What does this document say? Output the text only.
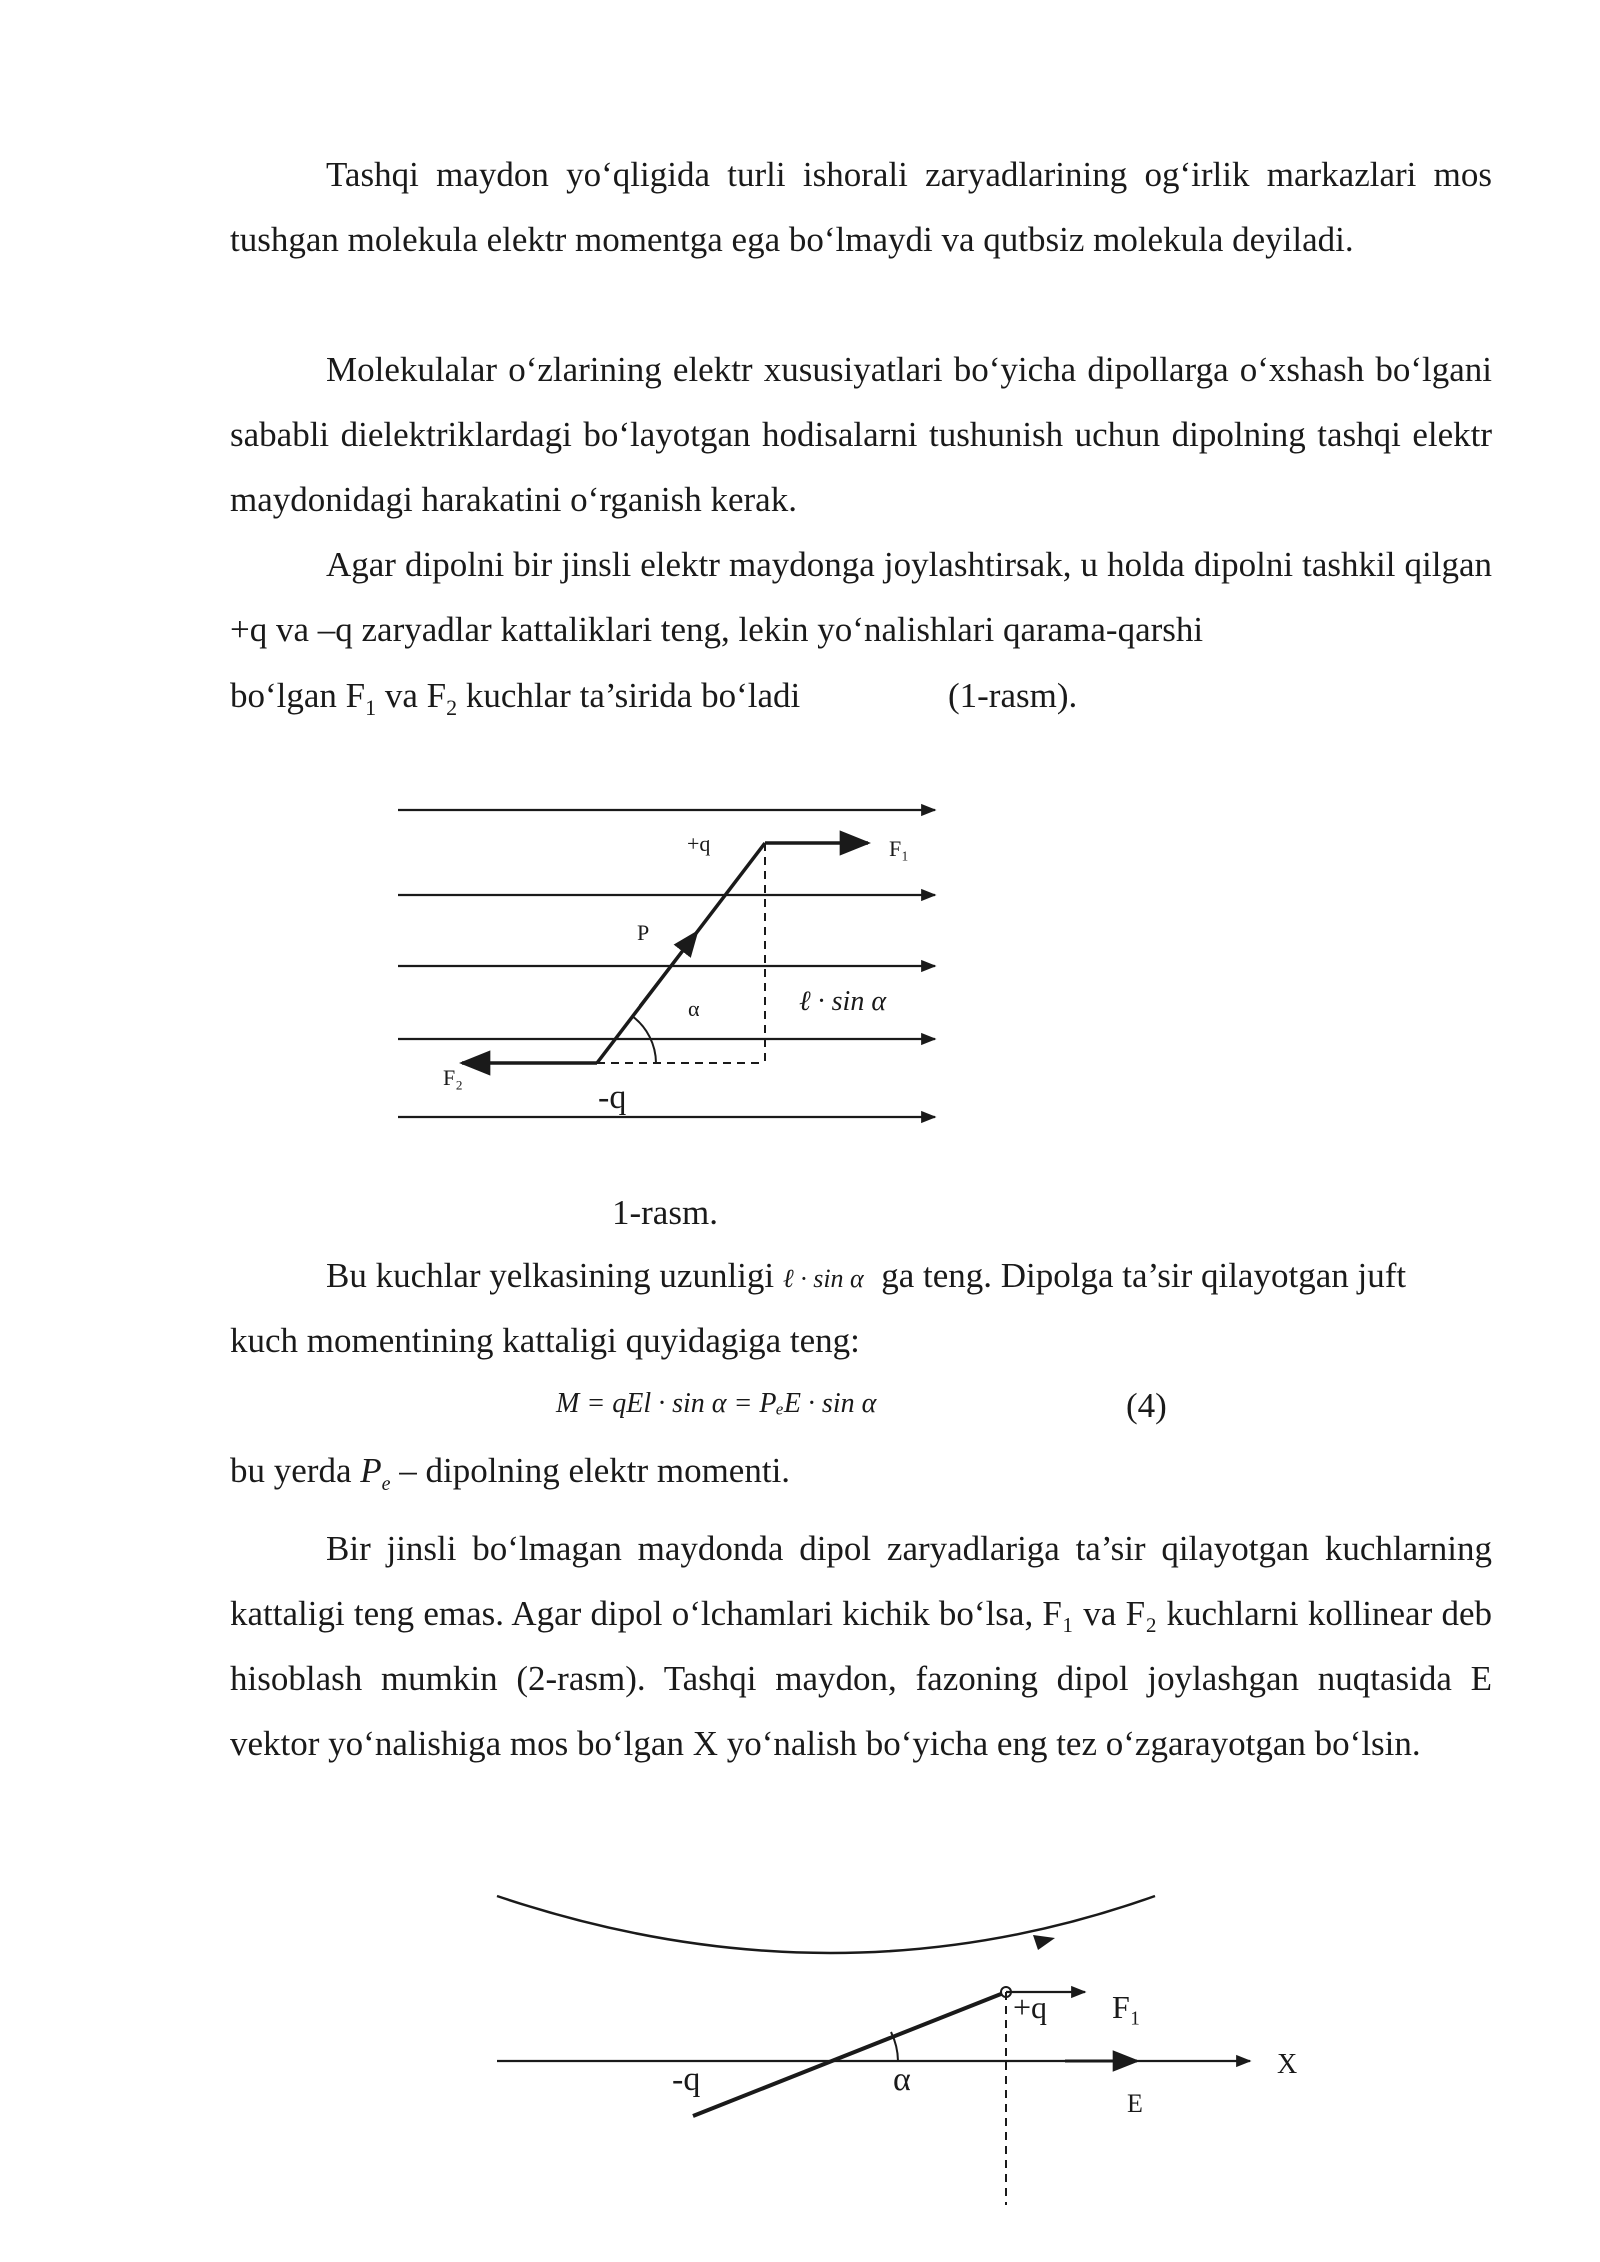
Tashqi maydon yo‘qligida turli ishorali zaryadlarining og‘irlik markazlari mos tushgan molekula elektr momentga ega bo‘lmaydi va qutbsiz molekula deyiladi.

Molekulalar o‘zlarining elektr xususiyatlari bo‘yicha dipollarga o‘xshash bo‘lgani sababli dielektriklardagi bo‘layotgan hodisalarni tushunish uchun dipolning tashqi elektr maydonidagi harakatini o‘rganish kerak.

Agar dipolni bir jinsli elektr maydonga joylashtirsak, u holda dipolni tashkil qilgan +q va –q zaryadlar kattaliklari teng, lekin yo‘nalishlari qarama-qarshi

bo‘lgan $F_1$ va $F_2$ kuchlar ta’sirida bo‘ladi	(1-rasm).
+q	F₁
P
α	ℓ · sin α
F₂
-q
1-rasm.
Bu kuchlar yelkasining uzunligi ℓ · sin α ga teng. Dipolga ta’sir qilayotgan juft
kuch momentining kattaligi quyidagiga teng:
M = qEl · sin α = PₑE · sin α	(4)
bu yerda $P_e$ – dipolning elektr momenti.

Bir jinsli bo‘lmagan maydonda dipol zaryadlariga ta’sir qilayotgan kuchlarning kattaligi teng emas. Agar dipol o‘lchamlari kichik bo‘lsa, F₁ va F₂ kuchlarni kollinear deb hisoblash mumkin (2-rasm). Tashqi maydon, fazoning dipol joylashgan nuqtasida E vektor yo‘nalishiga mos bo‘lgan X yo‘nalish bo‘yicha eng tez o‘zgarayotgan bo‘lsin.

+q F₁
-q	α	X
E
